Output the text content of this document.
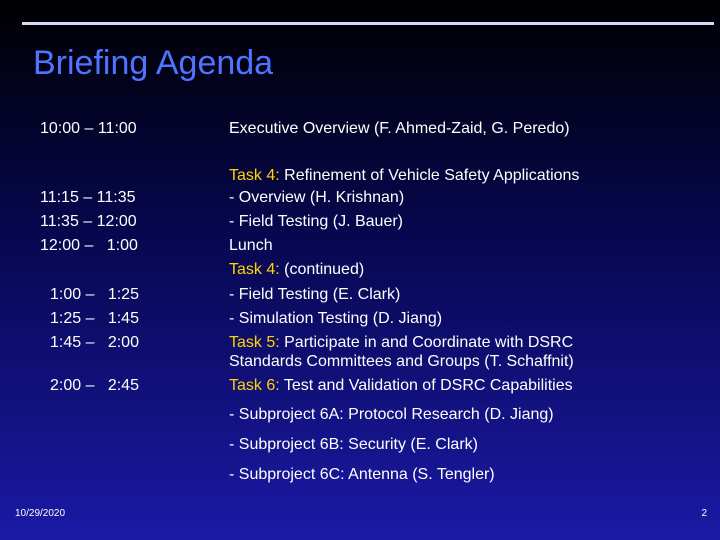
Briefing Agenda
10:00 – 11:00
11:15 – 11:35
11:35 – 12:00
12:00 –   1:00
1:00 –   1:25
1:25 –   1:45
1:45 –   2:00
2:00 –   2:45
Executive Overview (F. Ahmed-Zaid, G. Peredo)
Task 4: Refinement of Vehicle Safety Applications
- Overview (H. Krishnan)
- Field Testing (J. Bauer)
Lunch
Task 4: (continued)
- Field Testing (E. Clark)
- Simulation Testing (D. Jiang)
Task 5: Participate in and Coordinate with DSRC
Standards Committees and Groups (T. Schaffnit)
Task 6: Test and Validation of DSRC Capabilities
- Subproject 6A: Protocol Research (D. Jiang)
- Subproject 6B: Security (E. Clark)
- Subproject 6C: Antenna (S. Tengler)
10/29/2020	2
